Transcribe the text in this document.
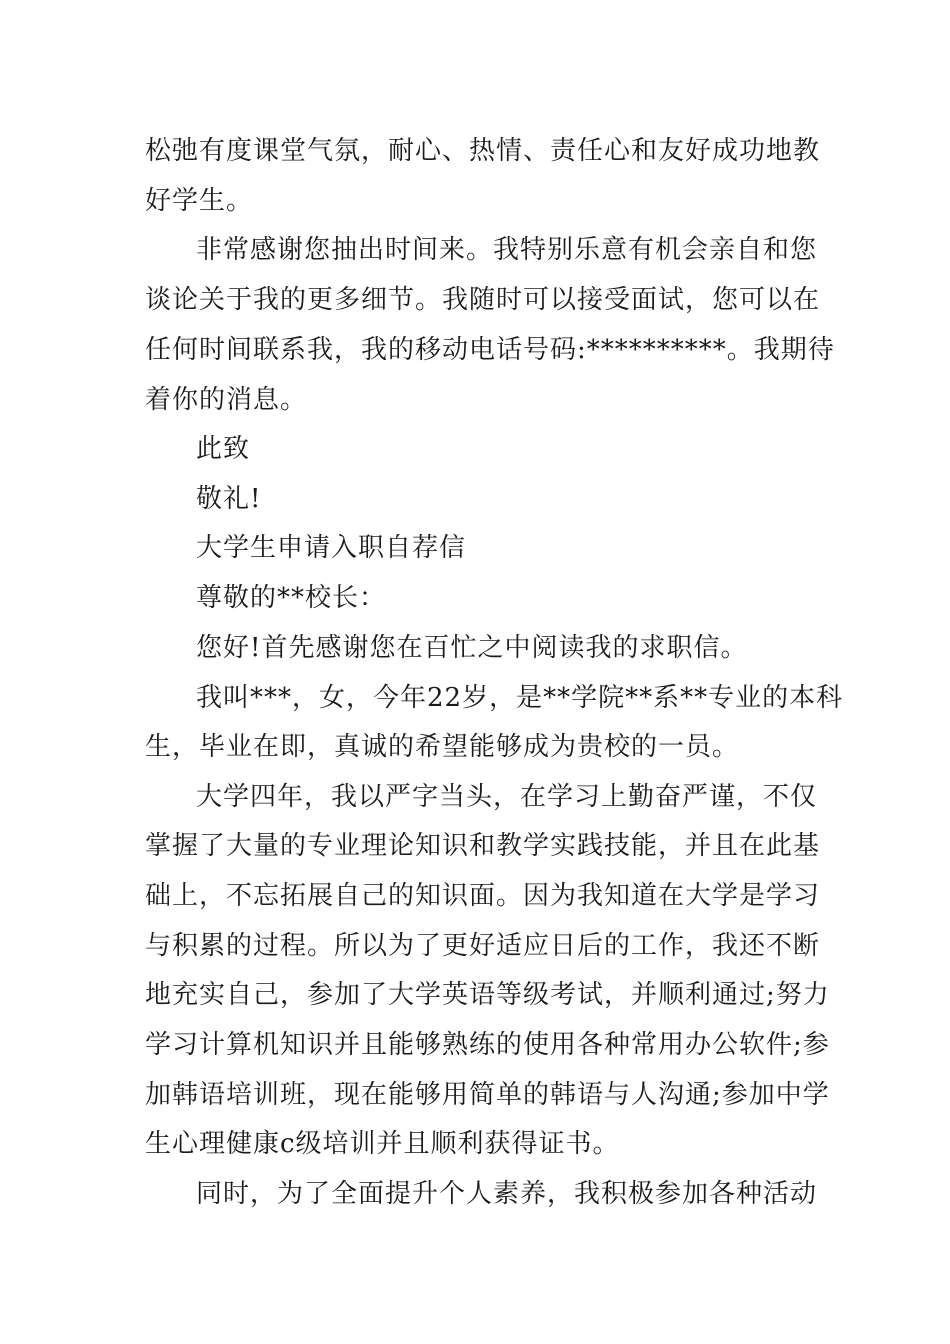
松弛有度课堂气氛，耐心、热情、责任心和友好成功地教
好学生。
非常感谢您抽出时间来。我特别乐意有机会亲自和您
谈论关于我的更多细节。我随时可以接受面试，您可以在
任何时间联系我，我的移动电话号码:**********。我期待
着你的消息。
此致
敬礼!
大学生申请入职自荐信
尊敬的**校长：
您好!首先感谢您在百忙之中阅读我的求职信。
我叫***，女，今年22岁，是**学院**系**专业的本科
生，毕业在即，真诚的希望能够成为贵校的一员。
大学四年，我以严字当头，在学习上勤奋严谨，不仅
掌握了大量的专业理论知识和教学实践技能，并且在此基
础上，不忘拓展自己的知识面。因为我知道在大学是学习
与积累的过程。所以为了更好适应日后的工作，我还不断
地充实自己，参加了大学英语等级考试，并顺利通过;努力
学习计算机知识并且能够熟练的使用各种常用办公软件;参
加韩语培训班，现在能够用简单的韩语与人沟通;参加中学
生心理健康c级培训并且顺利获得证书。
同时，为了全面提升个人素养，我积极参加各种活动
